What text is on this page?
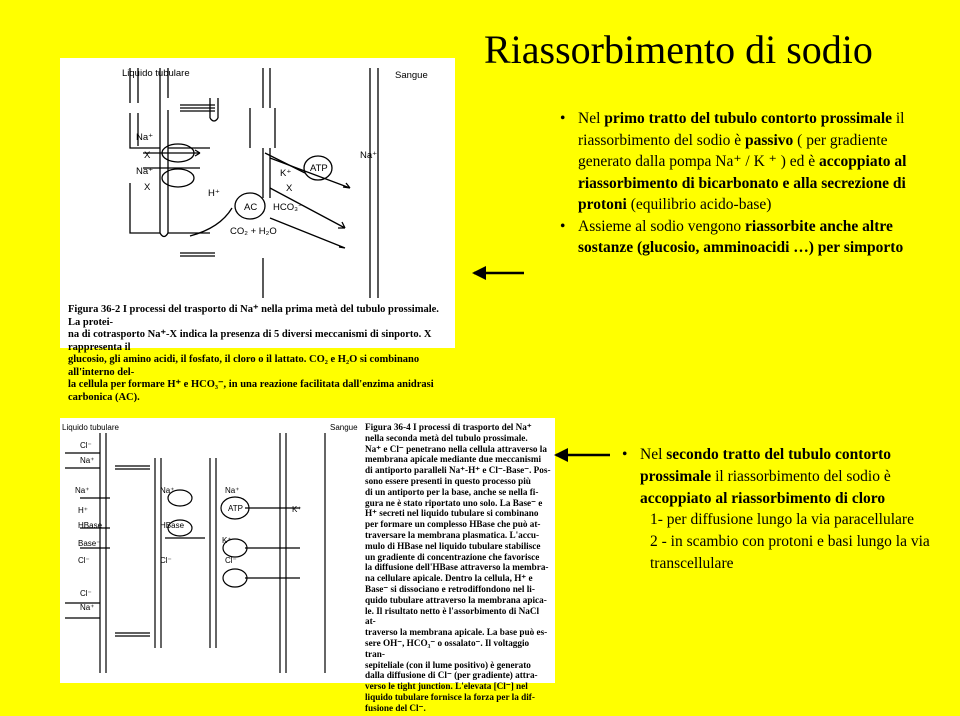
Riassorbimento di sodio
Liquido tubulare	Sangue
Na⁺
X
Na⁺
X
H⁺
K⁺
X
ATP
Na⁺
AC HCO₃⁻
CO₂ + H₂O
Figura 36-2 I processi del trasporto di Na⁺ nella prima metà del tubulo prossimale. La protei-
na di cotrasporto Na⁺-X indica la presenza di 5 diversi meccanismi di sinporto. X rappresenta il
glucosio, gli amino acidi, il fosfato, il cloro o il lattato. CO₂ e H₂O si combinano all'interno del-
la cellula per formare H⁺ e HCO₃⁻, in una reazione facilitata dall'enzima anidrasi carbonica (AC).
Liquido tubulare	Sangue
Cl⁻
Na⁺
Na⁺	Na⁺	Na⁺
H⁺
HBase	HBase
Base⁻
Cl⁻	Cl⁻	Cl⁻
ATP	K⁺
K⁺
Cl⁻
Na⁺
Figura 36-4 I processi di trasporto del Na⁺
nella seconda metà del tubulo prossimale.
Na⁺ e Cl⁻ penetrano nella cellula attraverso la
membrana apicale mediante due meccanismi
di antiporto paralleli Na⁺-H⁺ e Cl⁻-Base⁻. Pos-
sono essere presenti in questo processo più
di un antiporto per la base, anche se nella fi-
gura ne è stato riportato uno solo. La Base⁻ e
H⁺ secreti nel liquido tubulare si combinano
per formare un complesso HBase che può at-
traversare la membrana plasmatica. L'accu-
mulo di HBase nel liquido tubulare stabilisce
un gradiente di concentrazione che favorisce
la diffusione dell'HBase attraverso la membra-
na cellulare apicale. Dentro la cellula, H⁺ e
Base⁻ si dissociano e retrodiffondono nel li-
quido tubulare attraverso la membrana apica-
le. Il risultato netto è l'assorbimento di NaCl at-
traverso la membrana apicale. La base può es-
sere OH⁻, HCO₃⁻ o ossalato⁻. Il voltaggio tran-
sepiteliale (con il lume positivo) è generato
dalla diffusione di Cl⁻ (per gradiente) attra-
verso le tight junction. L'elevata [Cl⁻] nel
liquido tubulare fornisce la forza per la dif-
fusione del Cl⁻.
• Nel primo tratto del tubulo contorto prossimale il riassorbimento del sodio è passivo ( per gradiente generato dalla pompa Na⁺ / K ⁺ ) ed è accoppiato al riassorbimento di bicarbonato e alla secrezione di protoni (equilibrio acido-base)
• Assieme al sodio vengono riassorbite anche altre sostanze (glucosio, amminoacidi …) per simporto
• Nel secondo tratto del tubulo contorto prossimale il riassorbimento del sodio è accoppiato al riassorbimento di cloro
1- per diffusione lungo la via paracellulare
2 - in scambio con protoni e basi lungo la via transcellulare
